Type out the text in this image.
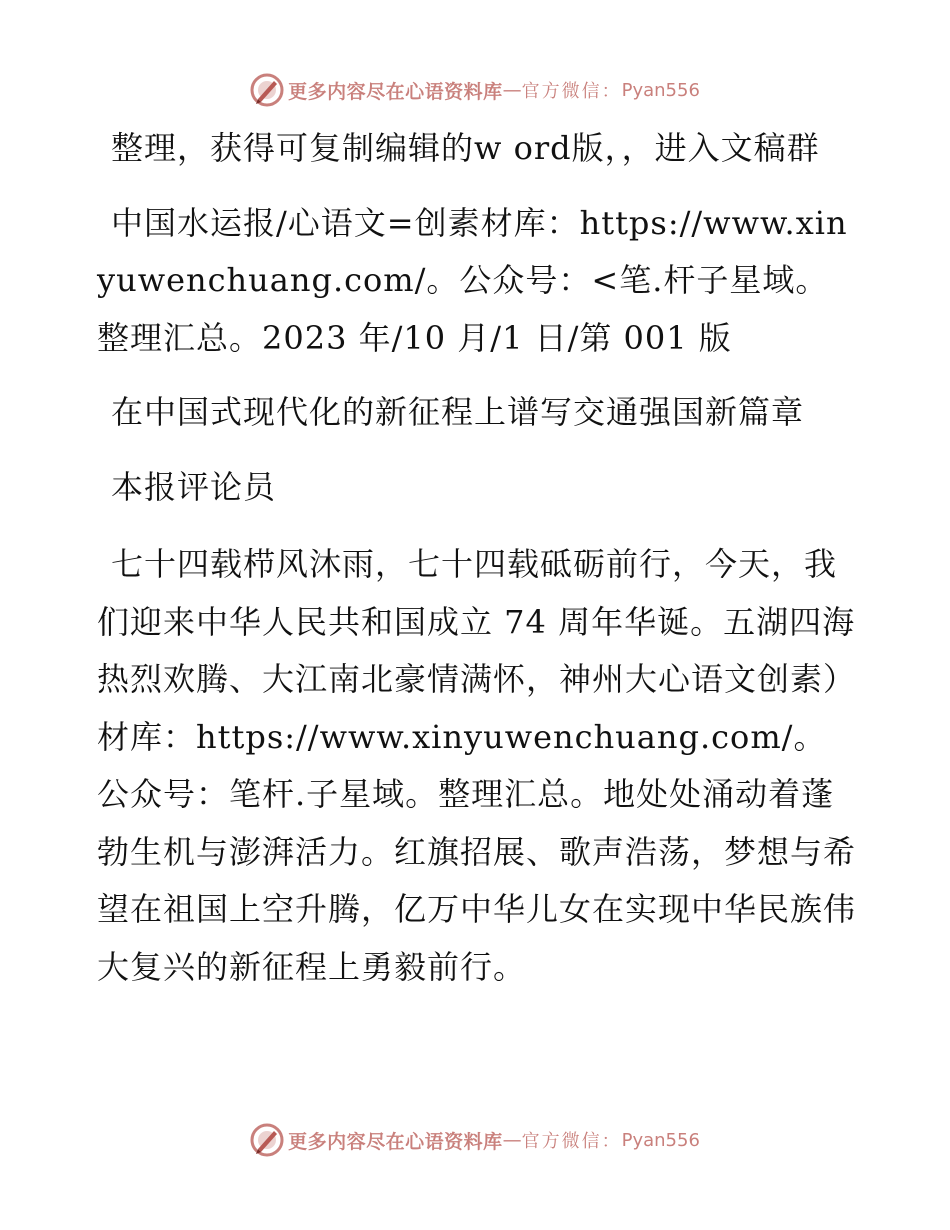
更多内容尽在心语资料库 — 官方微信： Pyan556

整理，获得可复制编辑的w ord版，，进入文稿群

中国水运报/心语文=创素材库：https://www.xinyuwenchuang.com/。公众号：<笔.杆子星域。整理汇总。2023 年/10 月/1 日/第 001 版

在中国式现代化的新征程上谱写交通强国新篇章

本报评论员

七十四载栉风沐雨，七十四载砥砺前行，今天，我们迎来中华人民共和国成立 74 周年华诞。五湖四海热烈欢腾、大江南北豪情满怀，神州大心语文创素）材库：https://www.xinyuwenchuang.com/。公众号：笔杆.子星域。整理汇总。地处处涌动着蓬勃生机与澎湃活力。红旗招展、歌声浩荡，梦想与希望在祖国上空升腾，亿万中华儿女在实现中华民族伟大复兴的新征程上勇毅前行。

更多内容尽在心语资料库 — 官方微信： Pyan556
